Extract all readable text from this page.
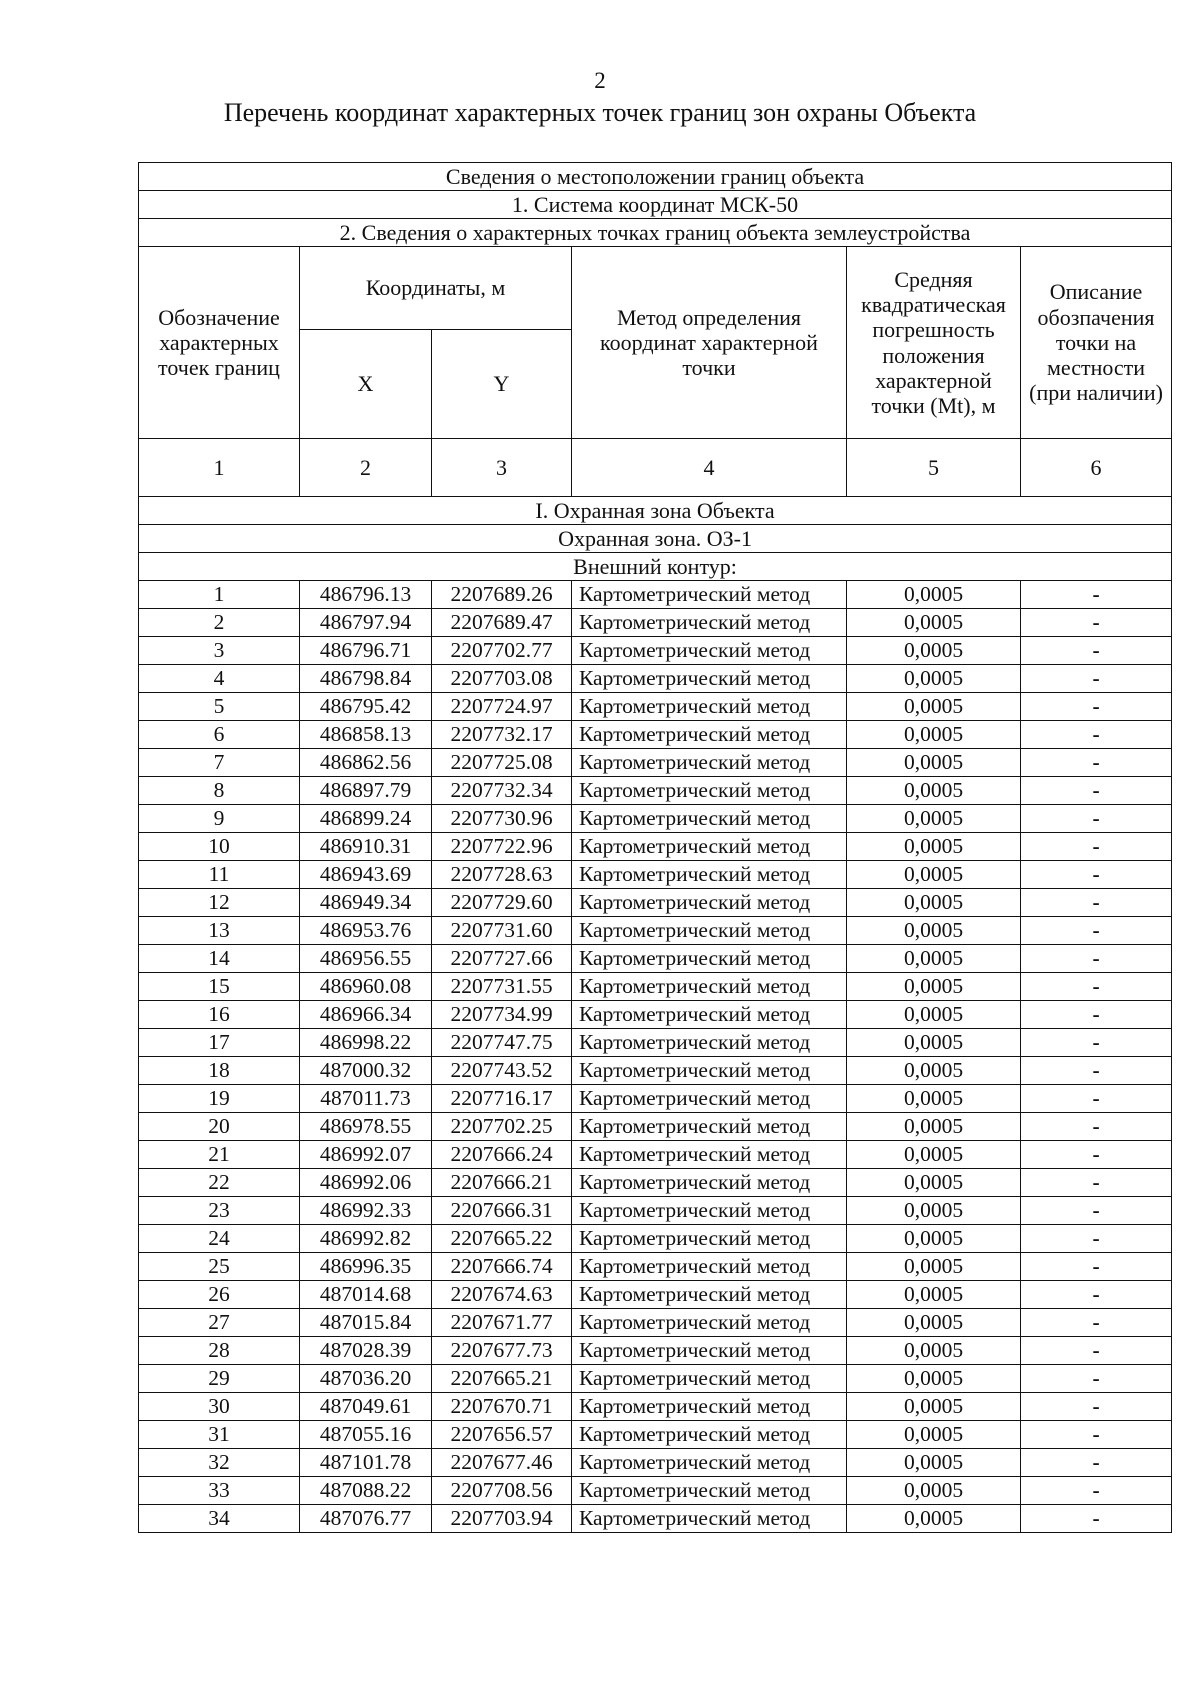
2
Перечень координат характерных точек границ зон охраны Объекта
Сведения о местоположении границ объекта					
1. Система координат МСК-50					
2. Сведения о характерных точках границ объекта землеустройства					
Обозначение характерных точек границ	Координаты, м		Метод определения координат характерной точки	Средняя квадратическая погрешность положения характерной точки (Mt), м	Описание обозпачения точки на местности (при наличии)
	X	Y			
1	2	3	4	5	6
I. Охранная зона Объекта					
Охранная зона. ОЗ-1					
Внешний контур:					
1	486796.13	2207689.26	Картометрический метод	0,0005	-
2	486797.94	2207689.47	Картометрический метод	0,0005	-
3	486796.71	2207702.77	Картометрический метод	0,0005	-
4	486798.84	2207703.08	Картометрический метод	0,0005	-
5	486795.42	2207724.97	Картометрический метод	0,0005	-
6	486858.13	2207732.17	Картометрический метод	0,0005	-
7	486862.56	2207725.08	Картометрический метод	0,0005	-
8	486897.79	2207732.34	Картометрический метод	0,0005	-
9	486899.24	2207730.96	Картометрический метод	0,0005	-
10	486910.31	2207722.96	Картометрический метод	0,0005	-
11	486943.69	2207728.63	Картометрический метод	0,0005	-
12	486949.34	2207729.60	Картометрический метод	0,0005	-
13	486953.76	2207731.60	Картометрический метод	0,0005	-
14	486956.55	2207727.66	Картометрический метод	0,0005	-
15	486960.08	2207731.55	Картометрический метод	0,0005	-
16	486966.34	2207734.99	Картометрический метод	0,0005	-
17	486998.22	2207747.75	Картометрический метод	0,0005	-
18	487000.32	2207743.52	Картометрический метод	0,0005	-
19	487011.73	2207716.17	Картометрический метод	0,0005	-
20	486978.55	2207702.25	Картометрический метод	0,0005	-
21	486992.07	2207666.24	Картометрический метод	0,0005	-
22	486992.06	2207666.21	Картометрический метод	0,0005	-
23	486992.33	2207666.31	Картометрический метод	0,0005	-
24	486992.82	2207665.22	Картометрический метод	0,0005	-
25	486996.35	2207666.74	Картометрический метод	0,0005	-
26	487014.68	2207674.63	Картометрический метод	0,0005	-
27	487015.84	2207671.77	Картометрический метод	0,0005	-
28	487028.39	2207677.73	Картометрический метод	0,0005	-
29	487036.20	2207665.21	Картометрический метод	0,0005	-
30	487049.61	2207670.71	Картометрический метод	0,0005	-
31	487055.16	2207656.57	Картометрический метод	0,0005	-
32	487101.78	2207677.46	Картометрический метод	0,0005	-
33	487088.22	2207708.56	Картометрический метод	0,0005	-
34	487076.77	2207703.94	Картометрический метод	0,0005	-
